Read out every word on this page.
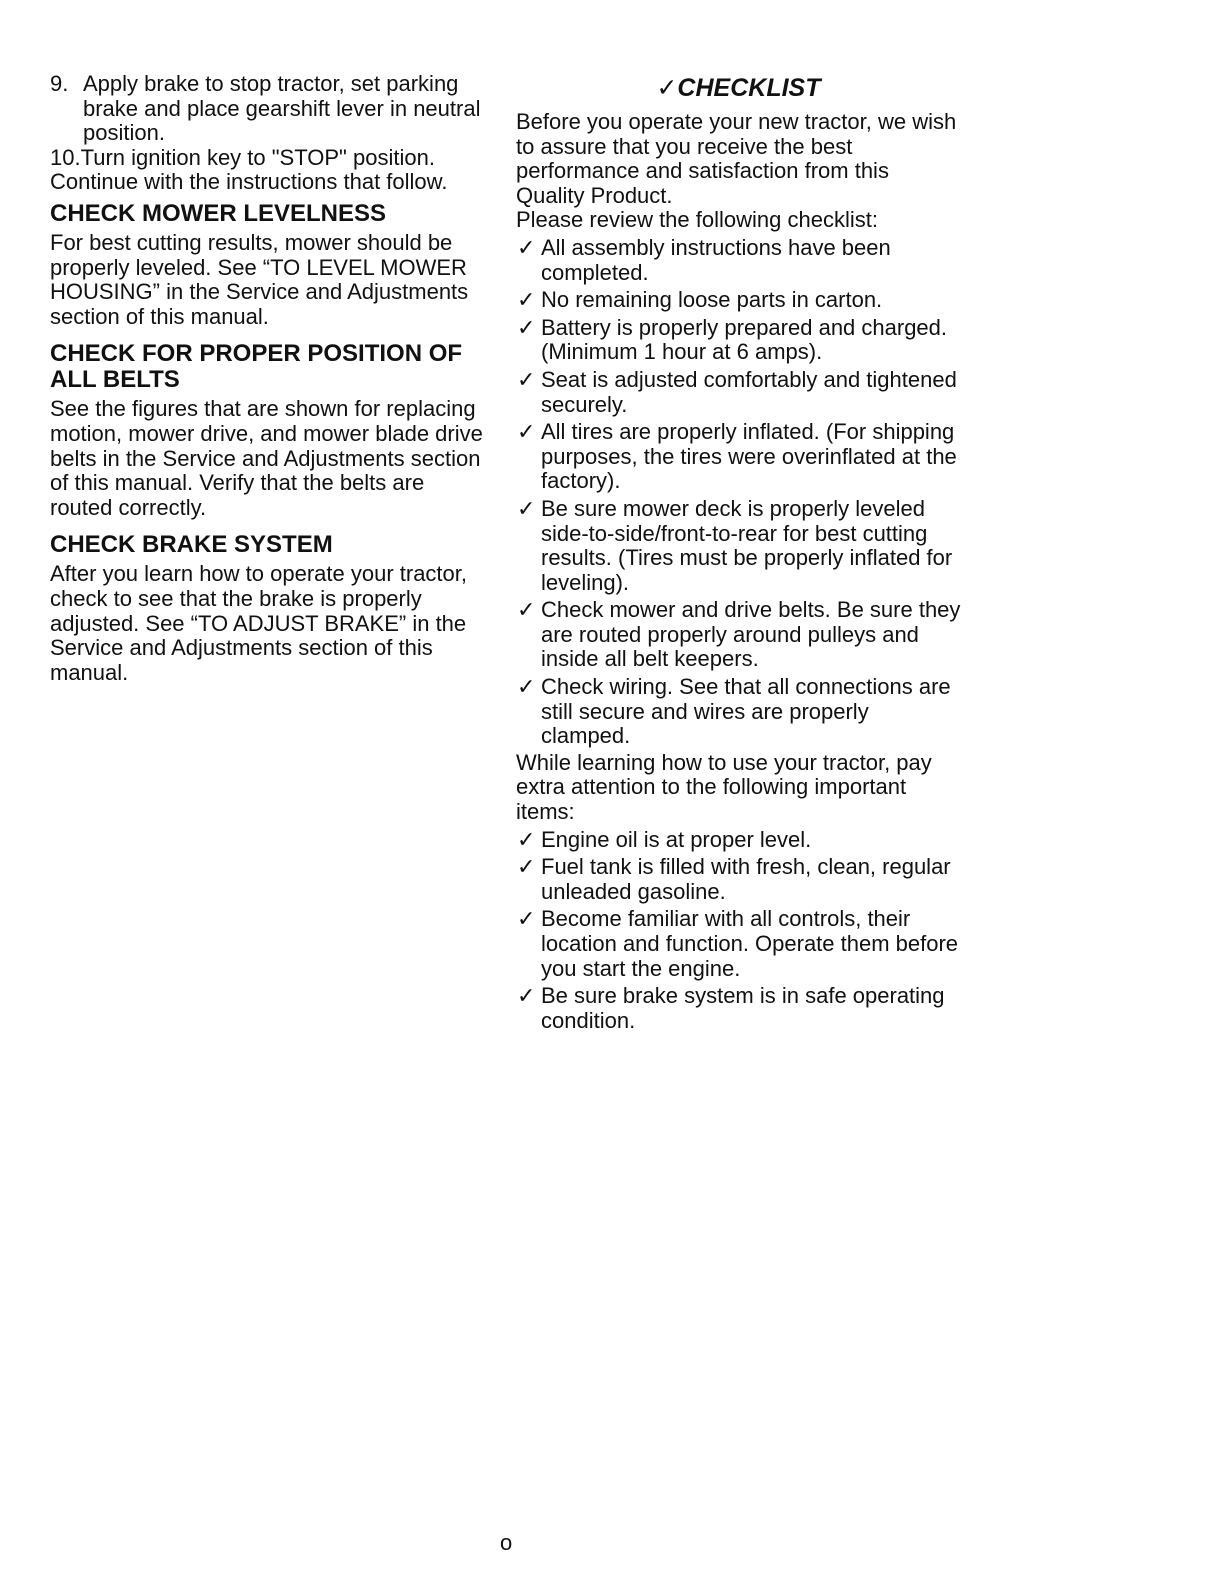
9. Apply brake to stop tractor, set parking brake and place gearshift lever in neutral position.

10.Turn ignition key to "STOP" position.

Continue with the instructions that follow.

CHECK MOWER LEVELNESS

For best cutting results, mower should be properly leveled. See “TO LEVEL MOWER HOUSING” in the Service and Adjustments section of this manual.

CHECK FOR PROPER POSITION OF ALL BELTS

See the figures that are shown for replacing motion, mower drive, and mower blade drive belts in the Service and Adjustments section of this manual. Verify that the belts are routed correctly.

CHECK BRAKE SYSTEM

After you learn how to operate your tractor, check to see that the brake is properly adjusted. See “TO ADJUST BRAKE” in the Service and Adjustments section of this manual.

✓CHECKLIST

Before you operate your new tractor, we wish to assure that you receive the best performance and satisfaction from this Quality Product.

Please review the following checklist:

✓ All assembly instructions have been completed.

✓ No remaining loose parts in carton.

✓ Battery is properly prepared and charged. (Minimum 1 hour at 6 amps).

✓ Seat is adjusted comfortably and tightened securely.

✓ All tires are properly inflated. (For shipping purposes, the tires were overinflated at the factory).

✓ Be sure mower deck is properly leveled side-to-side/front-to-rear for best cutting results. (Tires must be properly inflated for leveling).

✓ Check mower and drive belts. Be sure they are routed properly around pulleys and inside all belt keepers.

✓ Check wiring. See that all connections are still secure and wires are properly clamped.

While learning how to use your tractor, pay extra attention to the following important items:

✓ Engine oil is at proper level.

✓ Fuel tank is filled with fresh, clean, regular unleaded gasoline.

✓ Become familiar with all controls, their location and function. Operate them before you start the engine.

✓ Be sure brake system is in safe operating condition.

o
